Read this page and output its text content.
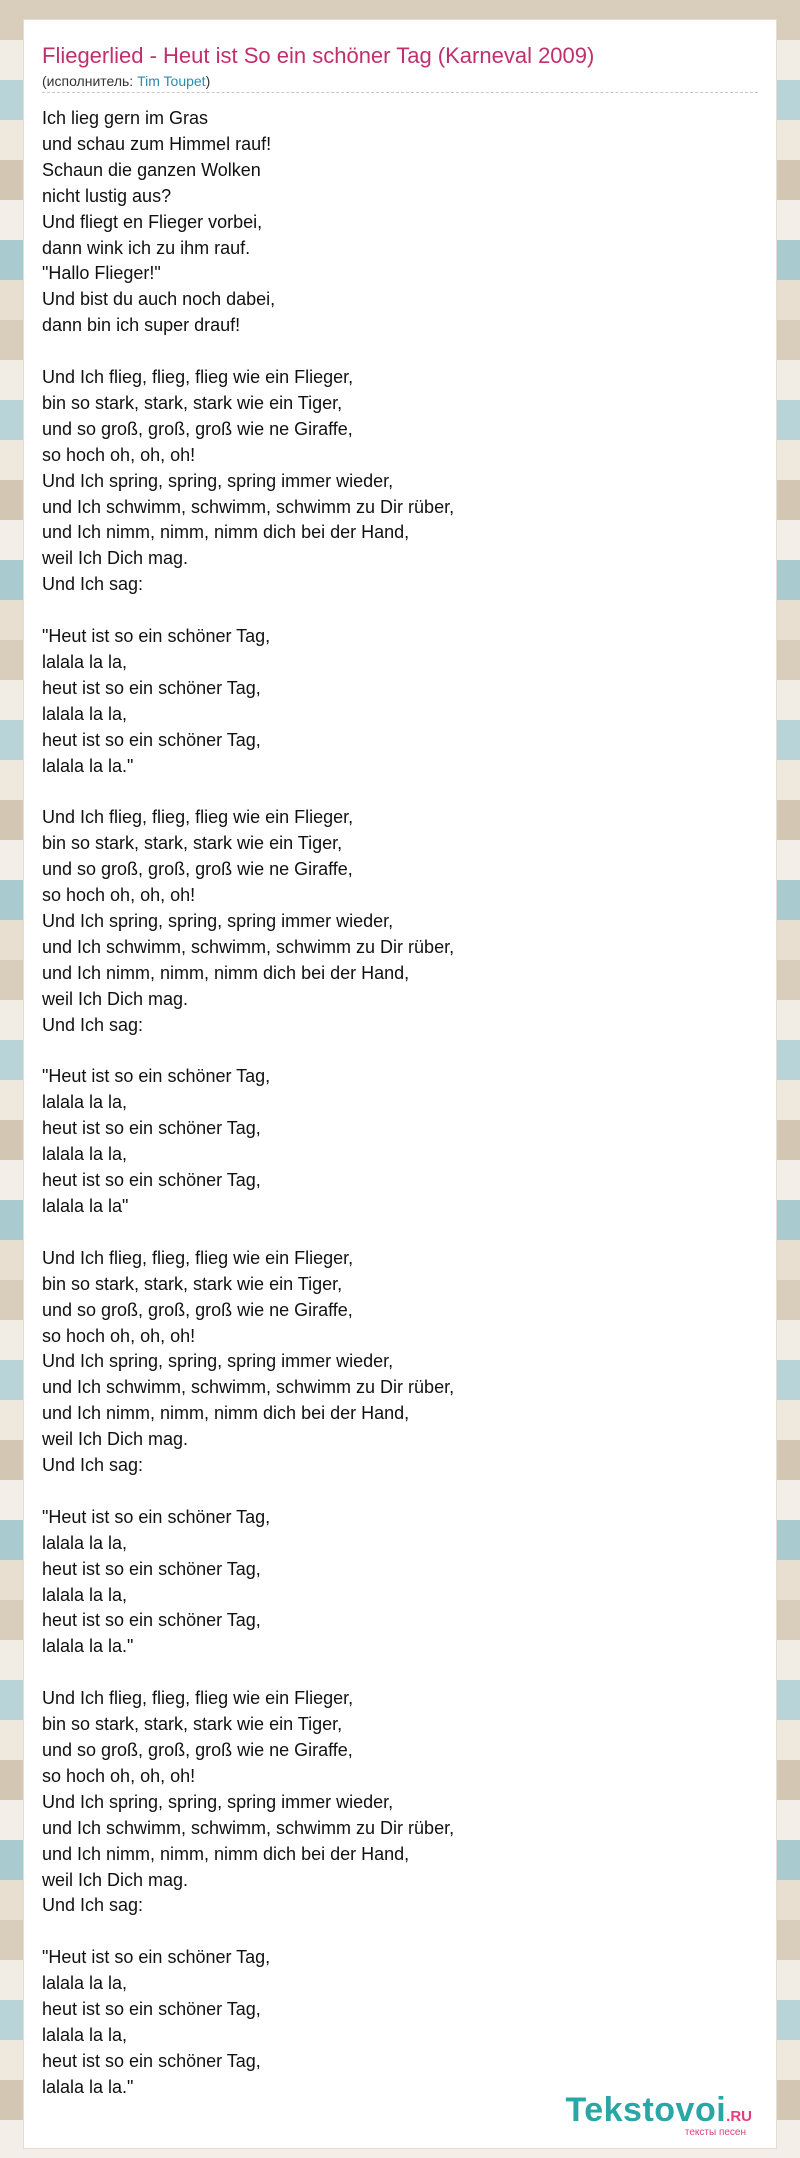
Fliegerlied - Heut ist So ein schöner Tag (Karneval 2009)
(исполнитель: Tim Toupet)
Ich lieg gern im Gras
und schau zum Himmel rauf!
Schaun die ganzen Wolken
nicht lustig aus?
Und fliegt en Flieger vorbei,
dann wink ich zu ihm rauf.
"Hallo Flieger!"
Und bist du auch noch dabei,
dann bin ich super drauf!
Und Ich flieg, flieg, flieg wie ein Flieger,
bin so stark, stark, stark wie ein Tiger,
und so groß, groß, groß wie ne Giraffe,
so hoch oh, oh, oh!
Und Ich spring, spring, spring immer wieder,
und Ich schwimm, schwimm, schwimm zu Dir rüber,
und Ich nimm, nimm, nimm dich bei der Hand,
weil Ich Dich mag.
Und Ich sag:
"Heut ist so ein schöner Tag,
lalala la la,
heut ist so ein schöner Tag,
lalala la la,
heut ist so ein schöner Tag,
lalala la la."
Und Ich flieg, flieg, flieg wie ein Flieger,
bin so stark, stark, stark wie ein Tiger,
und so groß, groß, groß wie ne Giraffe,
so hoch oh, oh, oh!
Und Ich spring, spring, spring immer wieder,
und Ich schwimm, schwimm, schwimm zu Dir rüber,
und Ich nimm, nimm, nimm dich bei der Hand,
weil Ich Dich mag.
Und Ich sag:
"Heut ist so ein schöner Tag,
lalala la la,
heut ist so ein schöner Tag,
lalala la la,
heut ist so ein schöner Tag,
lalala la la"
Und Ich flieg, flieg, flieg wie ein Flieger,
bin so stark, stark, stark wie ein Tiger,
und so groß, groß, groß wie ne Giraffe,
so hoch oh, oh, oh!
Und Ich spring, spring, spring immer wieder,
und Ich schwimm, schwimm, schwimm zu Dir rüber,
und Ich nimm, nimm, nimm dich bei der Hand,
weil Ich Dich mag.
Und Ich sag:
"Heut ist so ein schöner Tag,
lalala la la,
heut ist so ein schöner Tag,
lalala la la,
heut ist so ein schöner Tag,
lalala la la."
Und Ich flieg, flieg, flieg wie ein Flieger,
bin so stark, stark, stark wie ein Tiger,
und so groß, groß, groß wie ne Giraffe,
so hoch oh, oh, oh!
Und Ich spring, spring, spring immer wieder,
und Ich schwimm, schwimm, schwimm zu Dir rüber,
und Ich nimm, nimm, nimm dich bei der Hand,
weil Ich Dich mag.
Und Ich sag:
"Heut ist so ein schöner Tag,
lalala la la,
heut ist so ein schöner Tag,
lalala la la,
heut ist so ein schöner Tag,
lalala la la."
Tekstovoi.RU
тексты песен
